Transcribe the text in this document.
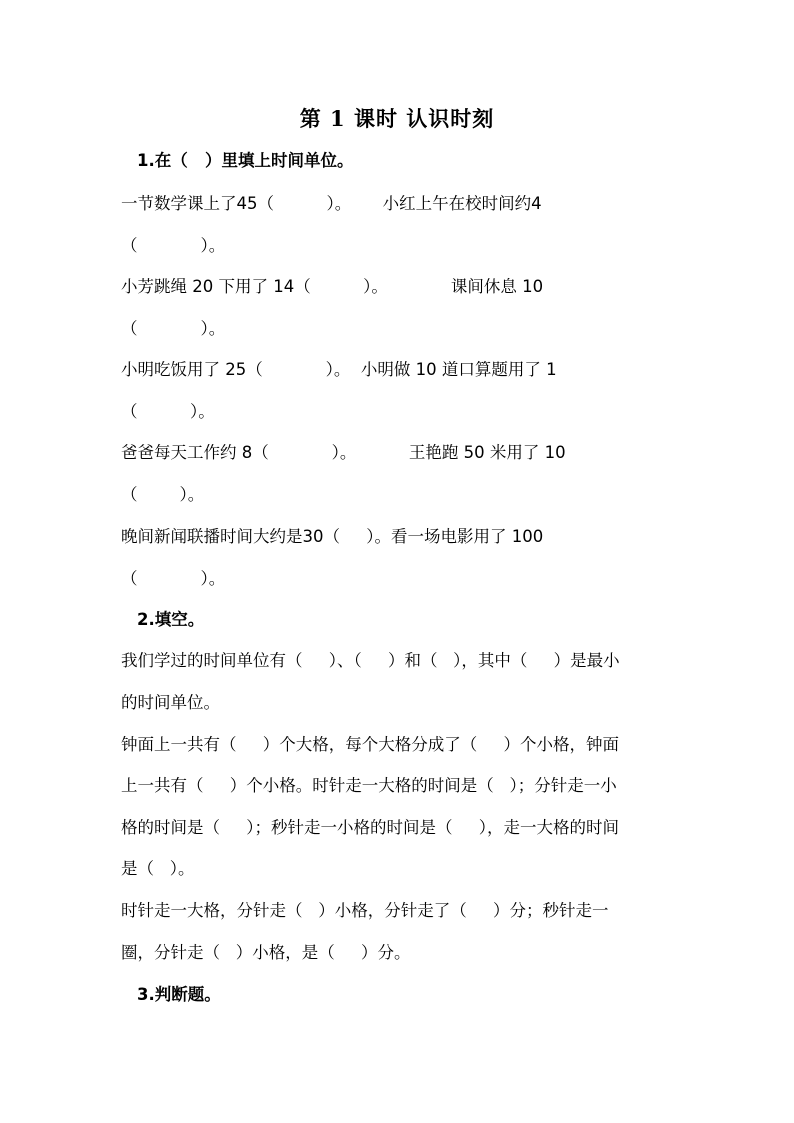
第 1 课时 认识时刻
1.在（   ）里填上时间单位。
一节数学课上了45（          ）。      小红上午在校时间约4
（            ）。
小芳跳绳 20 下用了 14（          ）。            课间休息 10
（            ）。
小明吃饭用了 25（            ）。  小明做 10 道口算题用了 1
（          ）。
爸爸每天工作约 8（            ）。          王艳跑 50 米用了 10
（        ）。
晚间新闻联播时间大约是30（     ）。看一场电影用了 100
（            ）。
2.填空。
我们学过的时间单位有（     ）、（     ）和（   ），其中（     ）是最小
的时间单位。
钟面上一共有（     ）个大格，每个大格分成了（     ）个小格，钟面
上一共有（     ）个小格。时针走一大格的时间是（   ）；分针走一小
格的时间是（     ）；秒针走一小格的时间是（     ），走一大格的时间
是（   ）。
时针走一大格，分针走（   ）小格，分针走了（     ）分；秒针走一
圈，分针走（   ）小格，是（     ）分。
3.判断题。
